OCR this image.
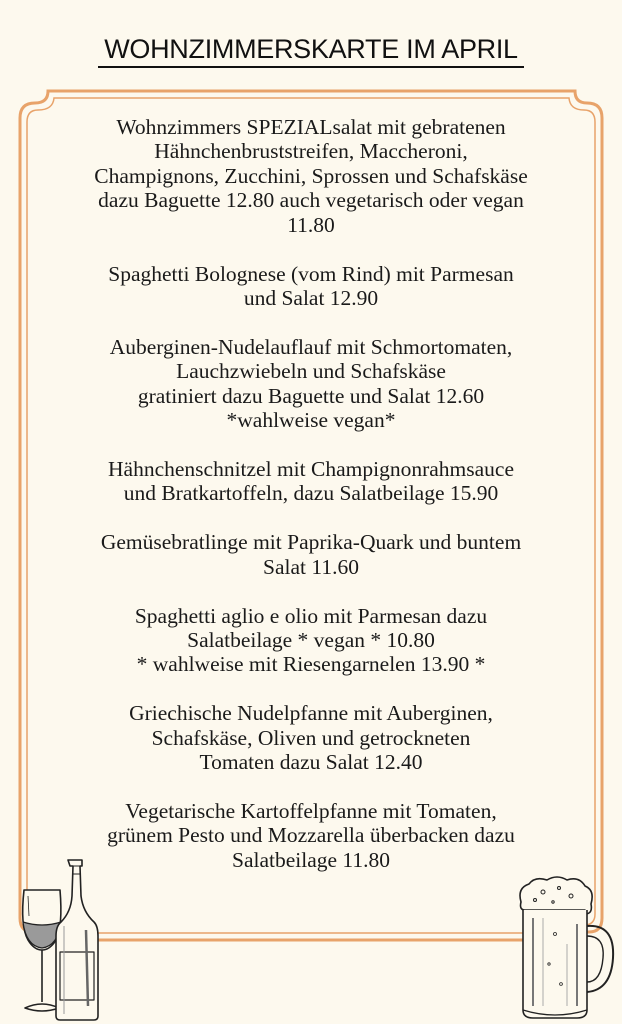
WOHNZIMMERSKARTE IM APRIL
Wohnzimmers SPEZIALsalat mit gebratenen
Hähnchenbruststreifen, Maccheroni,
Champignons, Zucchini, Sprossen und Schafskäse
dazu Baguette 12.80 auch vegetarisch oder vegan
11.80
Spaghetti Bolognese (vom Rind) mit Parmesan
und Salat 12.90
Auberginen-Nudelauflauf mit Schmortomaten,
Lauchzwiebeln und Schafskäse
gratiniert dazu Baguette und Salat 12.60
*wahlweise vegan*
Hähnchenschnitzel mit Champignonrahmsauce
und Bratkartoffeln, dazu Salatbeilage 15.90
Gemüsebratlinge mit Paprika-Quark und buntem
Salat 11.60
Spaghetti aglio e olio mit Parmesan dazu
Salatbeilage * vegan * 10.80
* wahlweise mit Riesengarnelen 13.90 *
Griechische Nudelpfanne mit Auberginen,
Schafskäse, Oliven und getrockneten
Tomaten dazu Salat 12.40
Vegetarische Kartoffelpfanne mit Tomaten,
grünem Pesto und Mozzarella überbacken dazu
Salatbeilage 11.80
